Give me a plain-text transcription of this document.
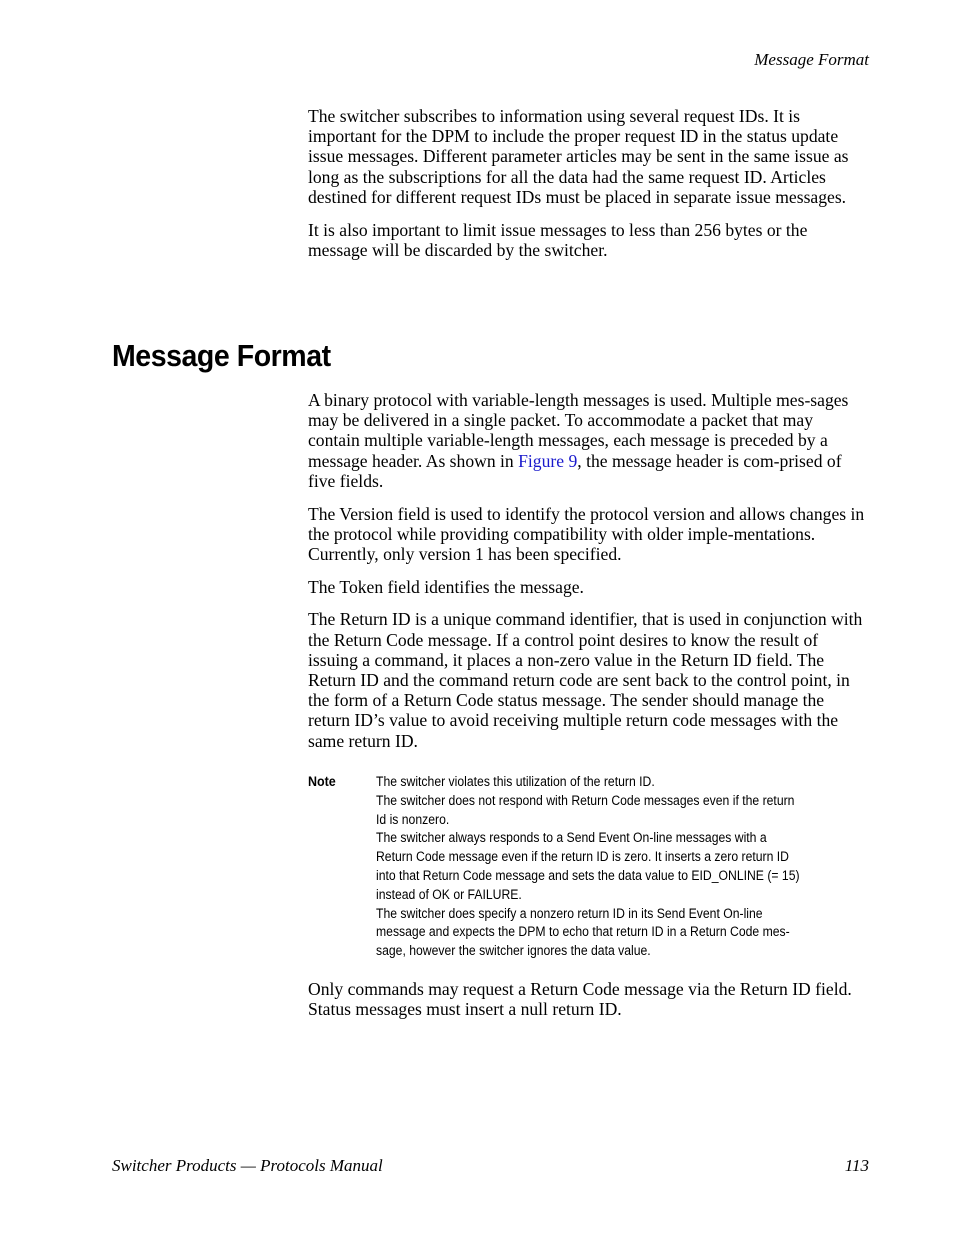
Message Format

The switcher subscribes to information using several request IDs. It is important for the DPM to include the proper request ID in the status update issue messages. Different parameter articles may be sent in the same issue as long as the subscriptions for all the data had the same request ID. Articles destined for different request IDs must be placed in separate issue messages.

It is also important to limit issue messages to less than 256 bytes or the message will be discarded by the switcher.

Message Format

A binary protocol with variable-length messages is used. Multiple mes-sages may be delivered in a single packet. To accommodate a packet that may contain multiple variable-length messages, each message is preceded by a message header. As shown in Figure 9, the message header is com-prised of five fields.

The Version field is used to identify the protocol version and allows changes in the protocol while providing compatibility with older imple-mentations. Currently, only version 1 has been specified.

The Token field identifies the message.

The Return ID is a unique command identifier, that is used in conjunction with the Return Code message. If a control point desires to know the result of issuing a command, it places a non-zero value in the Return ID field. The Return ID and the command return code are sent back to the control point, in the form of a Return Code status message. The sender should manage the return ID’s value to avoid receiving multiple return code messages with the same return ID.

Note	The switcher violates this utilization of the return ID.
The switcher does not respond with Return Code messages even if the return
Id is nonzero.
The switcher always responds to a Send Event On-line messages with a
Return Code message even if the return ID is zero. It inserts a zero return ID
into that Return Code message and sets the data value to EID_ONLINE (= 15)
instead of OK or FAILURE.
The switcher does specify a nonzero return ID in its Send Event On-line
message and expects the DPM to echo that return ID in a Return Code mes-
sage, however the switcher ignores the data value.

Only commands may request a Return Code message via the Return ID field. Status messages must insert a null return ID.

Switcher Products — Protocols Manual	113
